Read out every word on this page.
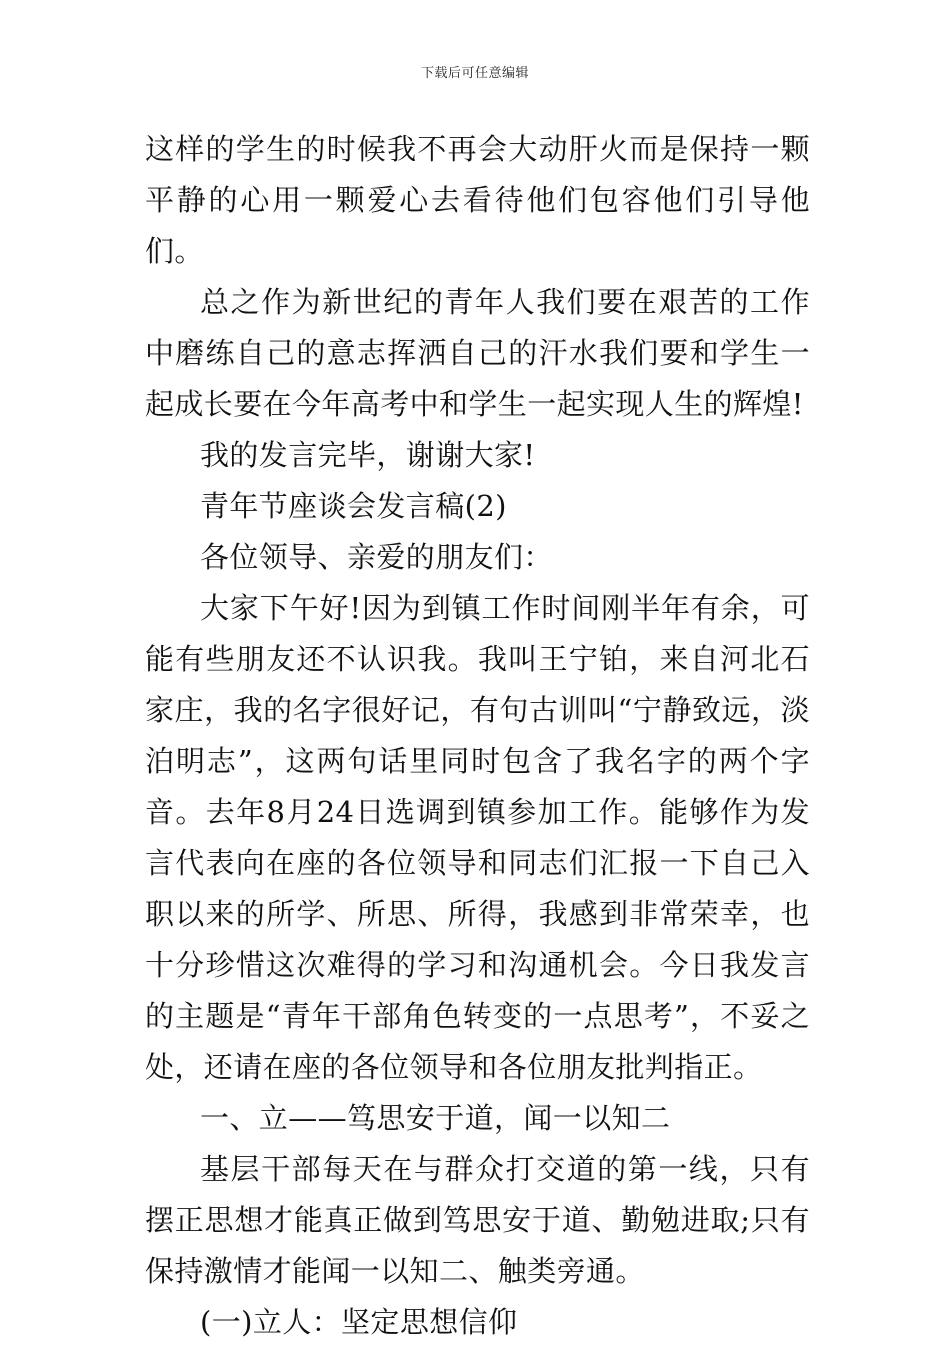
下载后可任意编辑

这样的学生的时候我不再会大动肝火而是保持一颗平静的心用一颗爱心去看待他们包容他们引导他们。

总之作为新世纪的青年人我们要在艰苦的工作中磨练自己的意志挥洒自己的汗水我们要和学生一起成长要在今年高考中和学生一起实现人生的辉煌!

我的发言完毕，谢谢大家!

青年节座谈会发言稿(2)

各位领导、亲爱的朋友们：

大家下午好!因为到镇工作时间刚半年有余，可能有些朋友还不认识我。我叫王宁铂，来自河北石家庄，我的名字很好记，有句古训叫“宁静致远，淡泊明志”，这两句话里同时包含了我名字的两个字音。去年8月24日选调到镇参加工作。能够作为发言代表向在座的各位领导和同志们汇报一下自己入职以来的所学、所思、所得，我感到非常荣幸，也十分珍惜这次难得的学习和沟通机会。今日我发言的主题是“青年干部角色转变的一点思考”，不妥之处，还请在座的各位领导和各位朋友批判指正。

一、立——笃思安于道，闻一以知二

基层干部每天在与群众打交道的第一线，只有摆正思想才能真正做到笃思安于道、勤勉进取;只有保持激情才能闻一以知二、触类旁通。

(一)立人：坚定思想信仰
